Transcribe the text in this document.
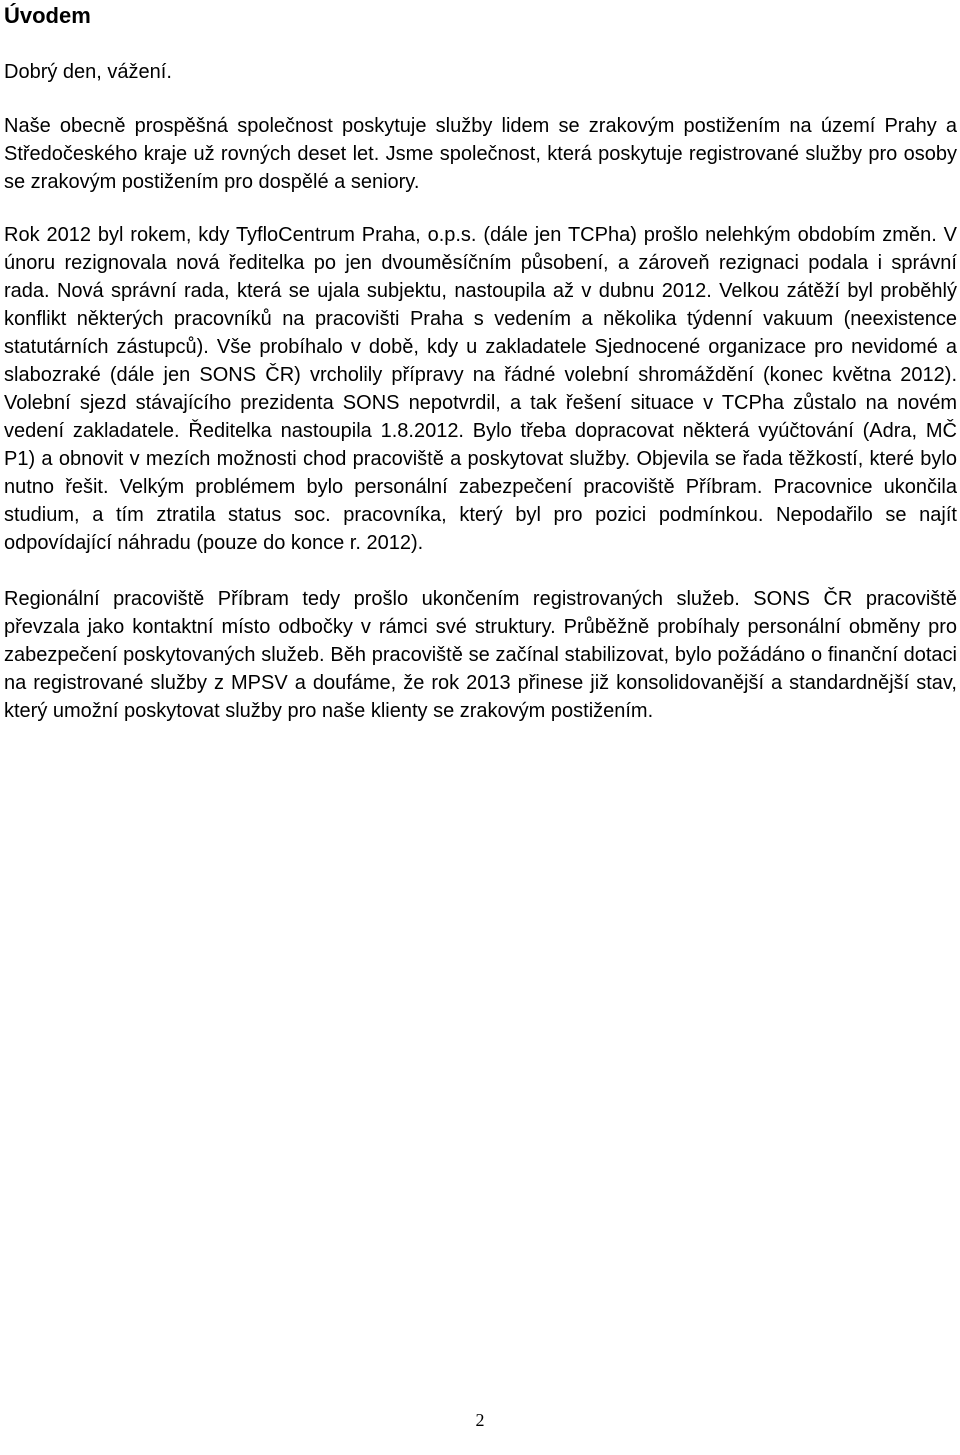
Úvodem

Dobrý den, vážení.

Naše obecně prospěšná společnost poskytuje služby lidem se zrakovým postižením na území Prahy a Středočeského kraje už rovných deset let. Jsme společnost, která poskytuje registrované služby pro osoby se zrakovým postižením pro dospělé a seniory.

Rok 2012 byl rokem, kdy TyfloCentrum Praha, o.p.s. (dále jen TCPha) prošlo nelehkým obdobím změn. V únoru rezignovala nová ředitelka po jen dvouměsíčním působení, a zároveň rezignaci podala i správní rada. Nová správní rada, která se ujala subjektu, nastoupila až v dubnu 2012. Velkou zátěží byl proběhlý konflikt některých pracovníků na pracovišti Praha s vedením a několika týdenní vakuum (neexistence statutárních zástupců). Vše probíhalo v době, kdy u zakladatele Sjednocené organizace pro nevidomé a slabozraké (dále jen SONS ČR) vrcholily přípravy na řádné volební shromáždění (konec května 2012). Volební sjezd stávajícího prezidenta SONS nepotvrdil, a tak řešení situace v TCPha zůstalo na novém vedení zakladatele. Ředitelka nastoupila 1.8.2012. Bylo třeba dopracovat některá vyúčtování (Adra, MČ P1) a obnovit v mezích možnosti chod pracoviště a poskytovat služby. Objevila se řada těžkostí, které bylo nutno řešit. Velkým problémem bylo personální zabezpečení pracoviště Příbram. Pracovnice ukončila studium, a tím ztratila status soc. pracovníka, který byl pro pozici podmínkou. Nepodařilo se najít odpovídající náhradu (pouze do konce r. 2012).

Regionální pracoviště Příbram tedy prošlo ukončením registrovaných služeb. SONS ČR pracoviště převzala jako kontaktní místo odbočky v rámci své struktury. Průběžně probíhaly personální obměny pro zabezpečení poskytovaných služeb. Běh pracoviště se začínal stabilizovat, bylo požádáno o finanční dotaci na registrované služby z MPSV a doufáme, že rok 2013 přinese již konsolidovanější a standardnější stav, který umožní poskytovat služby pro naše klienty se zrakovým postižením.

2
